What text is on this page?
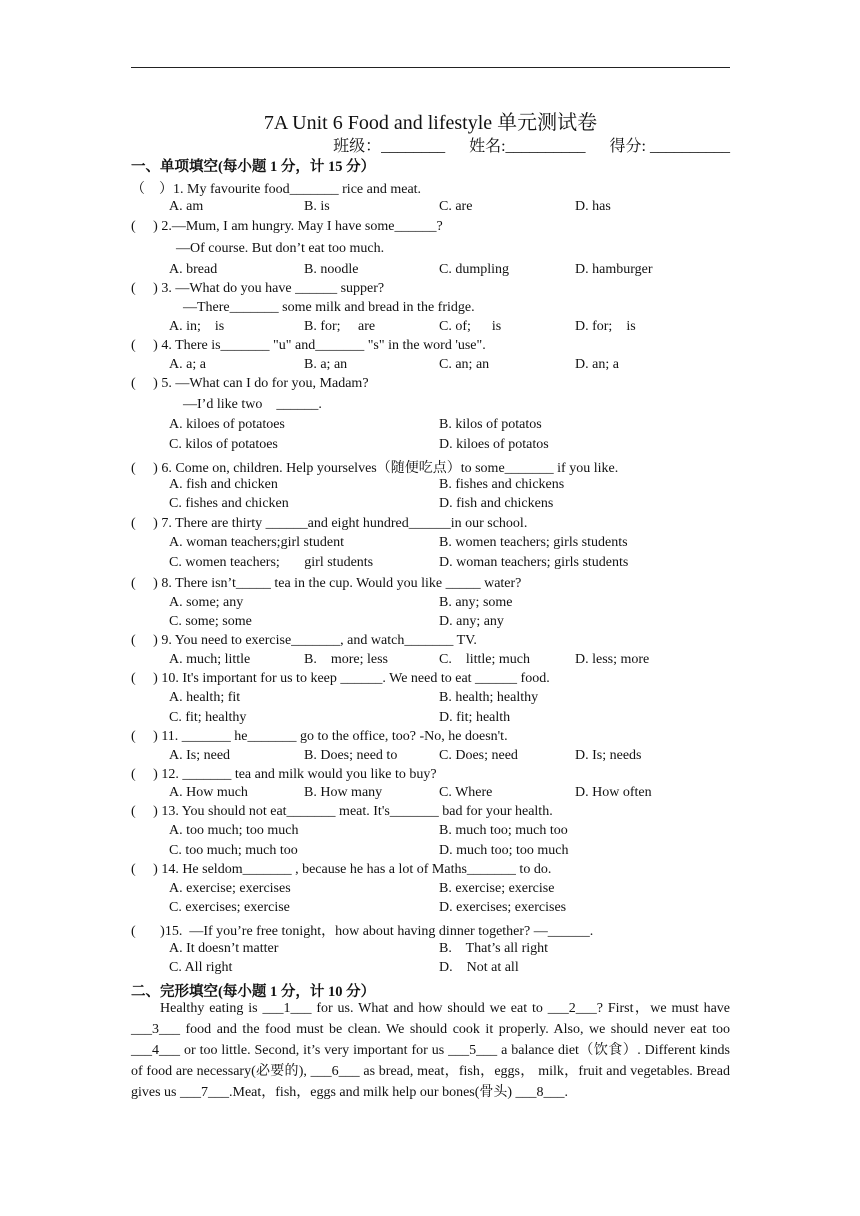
7A Unit 6 Food and lifestyle 单元测试卷
班级：________      姓名:__________      得分: __________
一、单项填空(每小题 1 分，计 15 分）
（    ）1. My favourite food_______ rice and meat.
A. am	B. is	C. are	D. has
(     ) 2.—Mum, I am hungry. May I have some______?
—Of course. But don’t eat too much.
A. bread	B. noodle	C. dumpling	D. hamburger
(     ) 3. —What do you have ______ supper?
—There_______ some milk and bread in the fridge.
A. in;    is	B. for;     are	C. of;      is	D. for;    is
(     ) 4. There is_______ "u" and_______ "s" in the word 'use".
A. a; a	B. a; an	C. an; an	D. an; a
(     ) 5. —What can I do for you, Madam?
—I’d like two    ______.
A. kiloes of potatoes	B. kilos of potatos
C. kilos of potatoes	D. kiloes of potatos
(     ) 6. Come on, children. Help yourselves（随便吃点）to some_______ if you like.
A. fish and chicken	B. fishes and chickens
C. fishes and chicken	D. fish and chickens
(     ) 7. There are thirty ______and eight hundred______in our school.
A. woman teachers;girl student	B. women teachers; girls students
C. women teachers;       girl students	D. woman teachers; girls students
(     ) 8. There isn’t_____ tea in the cup. Would you like _____ water?
A. some; any	B. any; some
C. some; some	D. any; any
(     ) 9. You need to exercise_______, and watch_______ TV.
A. much; little	B.    more; less	C.    little; much	D. less; more
(     ) 10. It's important for us to keep ______. We need to eat ______ food.
A. health; fit	B. health; healthy
C. fit; healthy	D. fit; health
(     ) 11. _______ he_______ go to the office, too? -No, he doesn't.
A. Is; need	B. Does; need to	C. Does; need	D. Is; needs
(     ) 12. _______ tea and milk would you like to buy?
A. How much	B. How many	C. Where	D. How often
(     ) 13. You should not eat_______ meat. It's_______ bad for your health.
A. too much; too much	B. much too; much too
C. too much; much too	D. much too; too much
(     ) 14. He seldom_______ , because he has a lot of Maths_______ to do.
A. exercise; exercises	B. exercise; exercise
C. exercises; exercise	D. exercises; exercises
(       )15.  —If you’re free tonight，how about having dinner together? —______.
A. It doesn’t matter	B.    That’s all right
C. All right	D.    Not at all
二、完形填空(每小题 1 分，计 10 分）

Healthy eating is ___1___ for us. What and how should we eat to ___2___? First，we must have ___3___ food and the food must be clean. We should cook it properly. Also, we should never eat too ___4___ or too little. Second, it’s very important for us ___5___ a balance diet（饮食）. Different kinds of food are necessary(必要的), ___6___ as bread, meat，fish，eggs， milk，fruit and vegetables. Bread gives us ___7___.Meat，fish，eggs and milk help our bones(骨头) ___8___.
